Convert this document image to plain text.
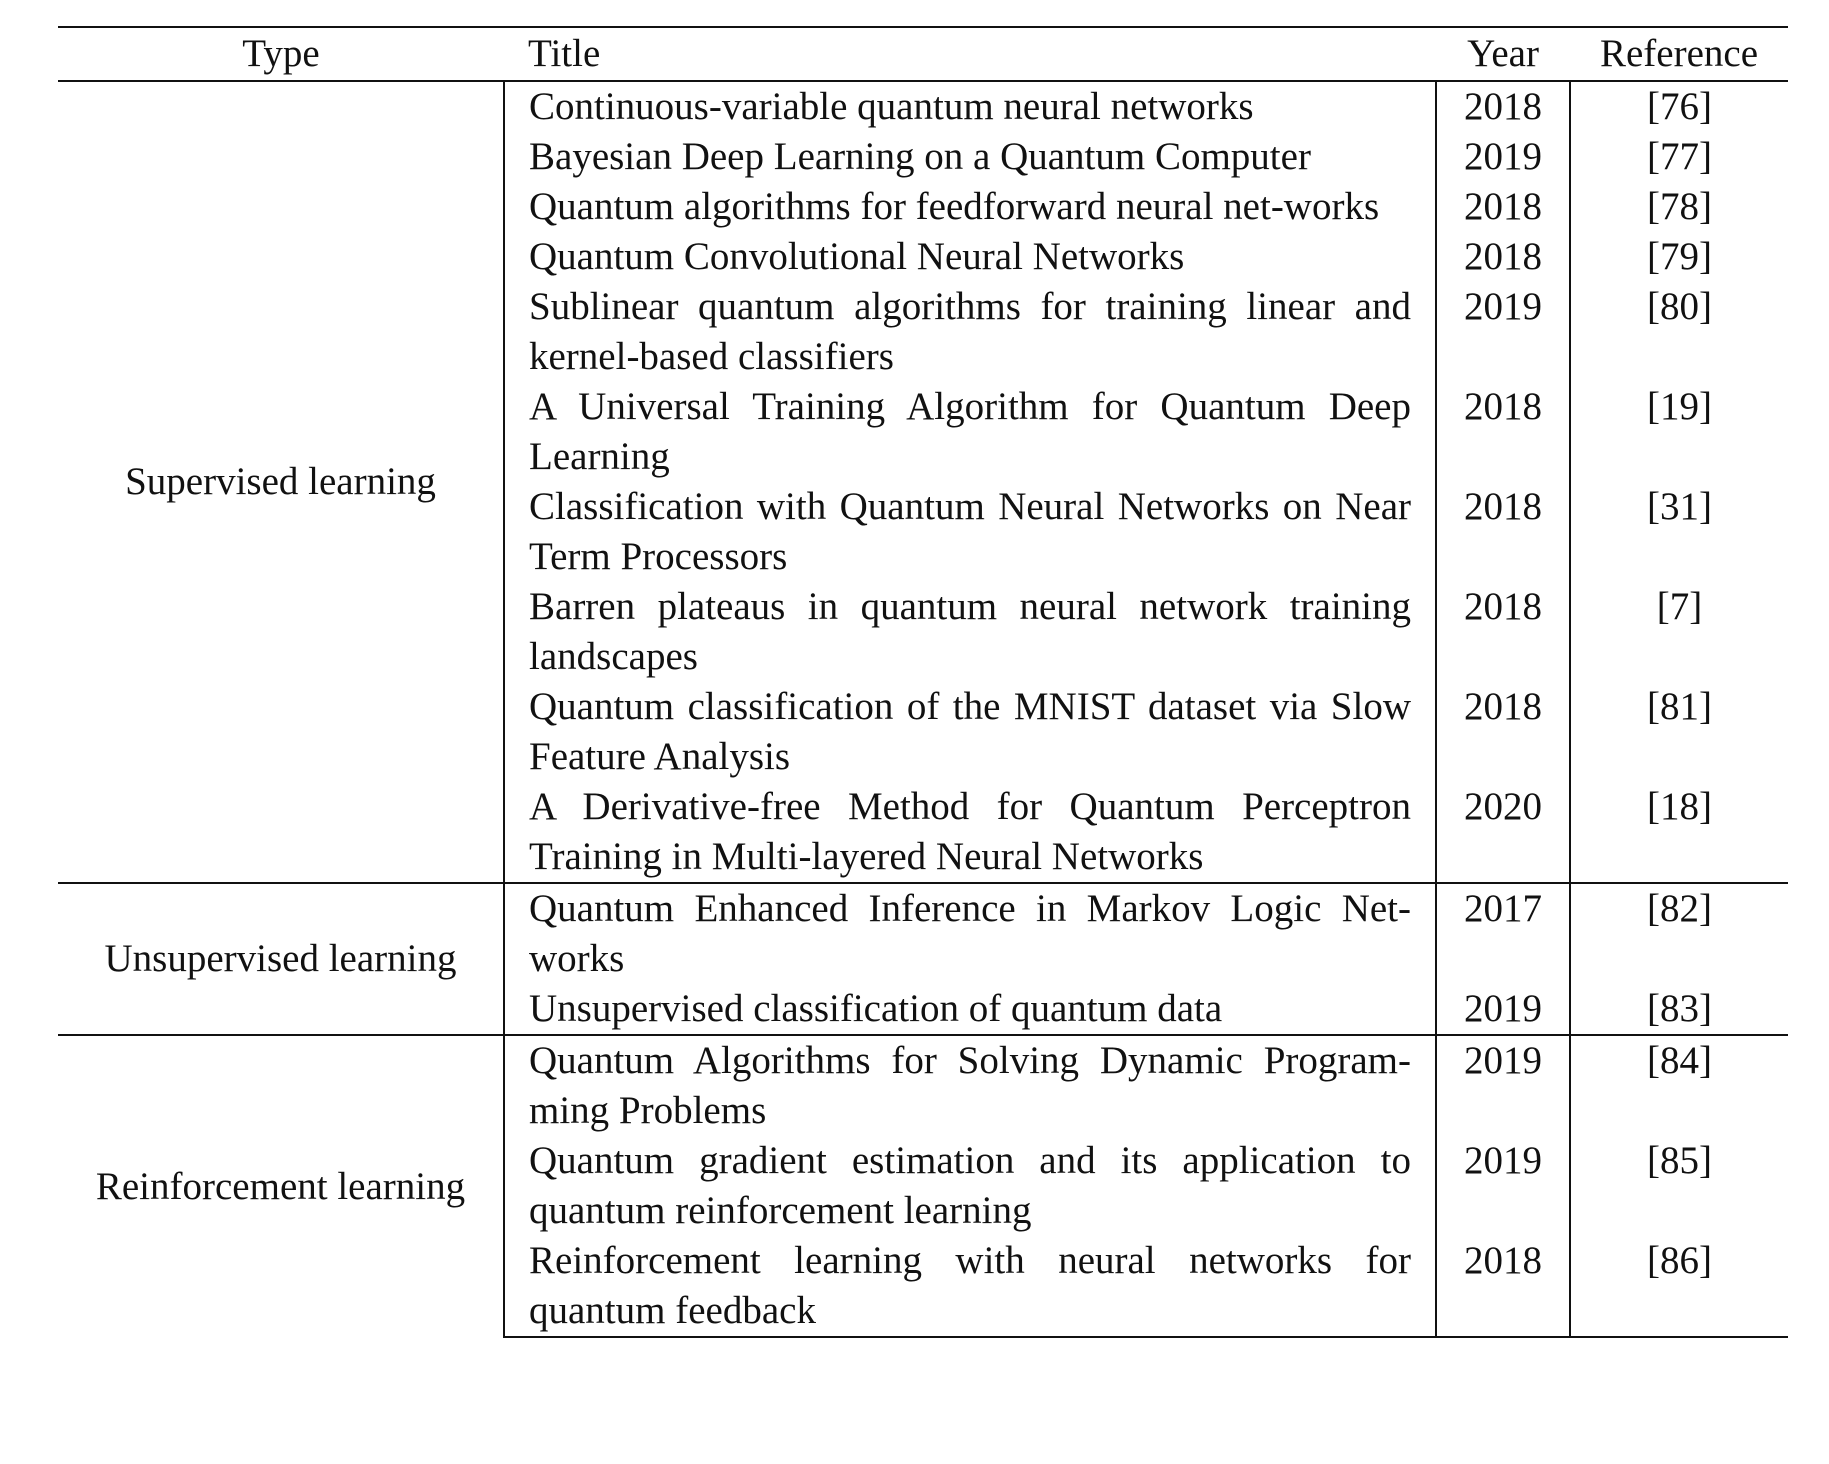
Type	Title	Year	Reference
Supervised learning	Continuous-variable quantum neural networks	2018	[76]
	Bayesian Deep Learning on a Quantum Computer	2019	[77]
	Quantum algorithms for feedforward neural net-works	2018	[78]
	Quantum Convolutional Neural Networks	2018	[79]
	Sublinear quantum algorithms for training linear and kernel-based classifiers	2019	[80]
	A Universal Training Algorithm for Quantum Deep Learning	2018	[19]
	Classification with Quantum Neural Networks on Near Term Processors	2018	[31]
	Barren plateaus in quantum neural network training landscapes	2018	[7]
	Quantum classification of the MNIST dataset via Slow Feature Analysis	2018	[81]
	A Derivative-free Method for Quantum Perceptron Training in Multi-layered Neural Networks	2020	[18]
Unsupervised learning	Quantum Enhanced Inference in Markov Logic Net-works	2017	[82]
	Unsupervised classification of quantum data	2019	[83]
Reinforcement learning	Quantum Algorithms for Solving Dynamic Program-ming Problems	2019	[84]
	Quantum gradient estimation and its application to quantum reinforcement learning	2019	[85]
	Reinforcement learning with neural networks for quantum feedback	2018	[86]
